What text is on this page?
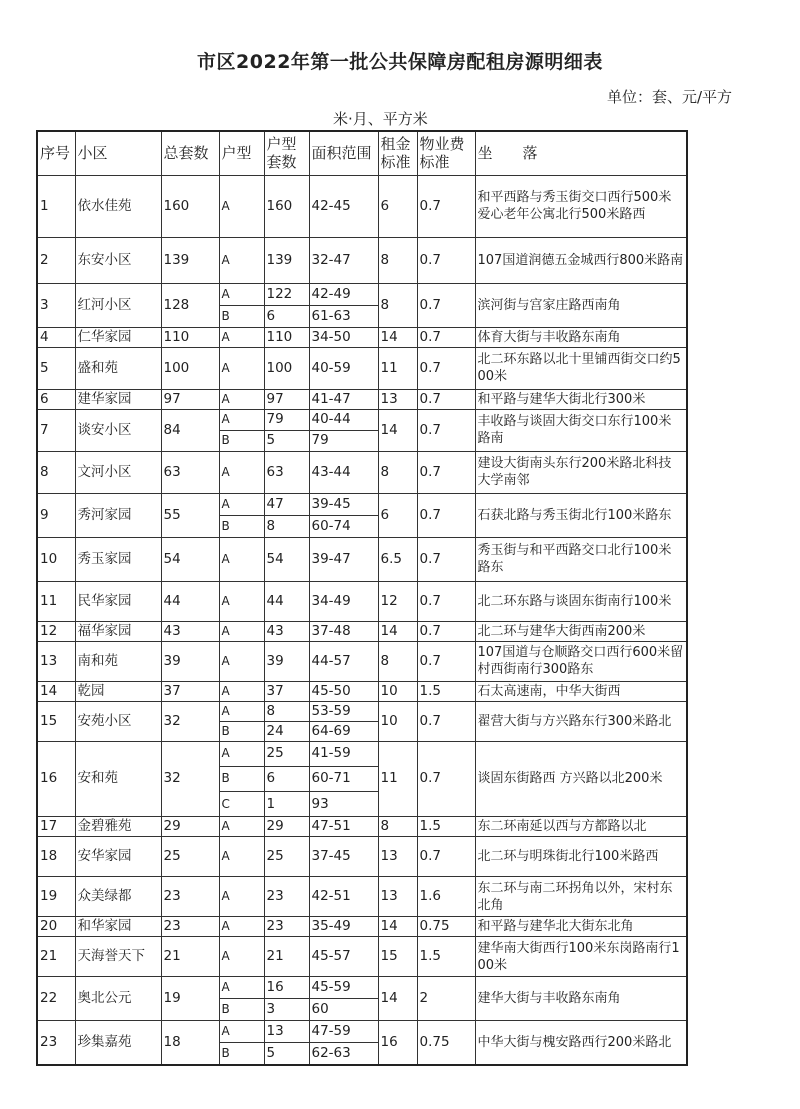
市区2022年第一批公共保障房配租房源明细表
单位：套、元/平方
米·月、平方米
序号	小区	总套数	户型	户型套数	面积范围	租金标准	物业费标准	坐　　落
1	依水佳苑	160	A	160	42-45	6	0.7	和平西路与秀玉街交口西行500米爱心老年公寓北行500米路西
2	东安小区	139	A	139	32-47	8	0.7	107国道润德五金城西行800米路南
3	红河小区	128	A	122	42-49	8	0.7	滨河街与宫家庄路西南角
			B	6	61-63			
4	仁华家园	110	A	110	34-50	14	0.7	体育大街与丰收路东南角
5	盛和苑	100	A	100	40-59	11	0.7	北二环东路以北十里铺西街交口约500米
6	建华家园	97	A	97	41-47	13	0.7	和平路与建华大街北行300米
7	谈安小区	84	A	79	40-44	14	0.7	丰收路与谈固大街交口东行100米路南
			B	5	79			
8	文河小区	63	A	63	43-44	8	0.7	建设大街南头东行200米路北科技大学南邻
9	秀河家园	55	A	47	39-45	6	0.7	石获北路与秀玉街北行100米路东
			B	8	60-74			
10	秀玉家园	54	A	54	39-47	6.5	0.7	秀玉街与和平西路交口北行100米路东
11	民华家园	44	A	44	34-49	12	0.7	北二环东路与谈固东街南行100米
12	福华家园	43	A	43	37-48	14	0.7	北二环与建华大街西南200米
13	南和苑	39	A	39	44-57	8	0.7	107国道与仓顺路交口西行600米留村西街南行300路东
14	乾园	37	A	37	45-50	10	1.5	石太高速南，中华大街西
15	安苑小区	32	A	8	53-59	10	0.7	翟营大街与方兴路东行300米路北
			B	24	64-69			
16	安和苑	32	A	25	41-59	11	0.7	谈固东街路西 方兴路以北200米
			B	6	60-71			
			C	1	93			
17	金碧雅苑	29	A	29	47-51	8	1.5	东二环南延以西与方都路以北
18	安华家园	25	A	25	37-45	13	0.7	北二环与明珠街北行100米路西
19	众美绿都	23	A	23	42-51	13	1.6	东二环与南二环拐角以外，宋村东北角
20	和华家园	23	A	23	35-49	14	0.75	和平路与建华北大街东北角
21	天海誉天下	21	A	21	45-57	15	1.5	建华南大街西行100米东岗路南行100米
22	奥北公元	19	A	16	45-59	14	2	建华大街与丰收路东南角
			B	3	60			
23	珍集嘉苑	18	A	13	47-59	16	0.75	中华大街与槐安路西行200米路北
			B	5	62-63			
